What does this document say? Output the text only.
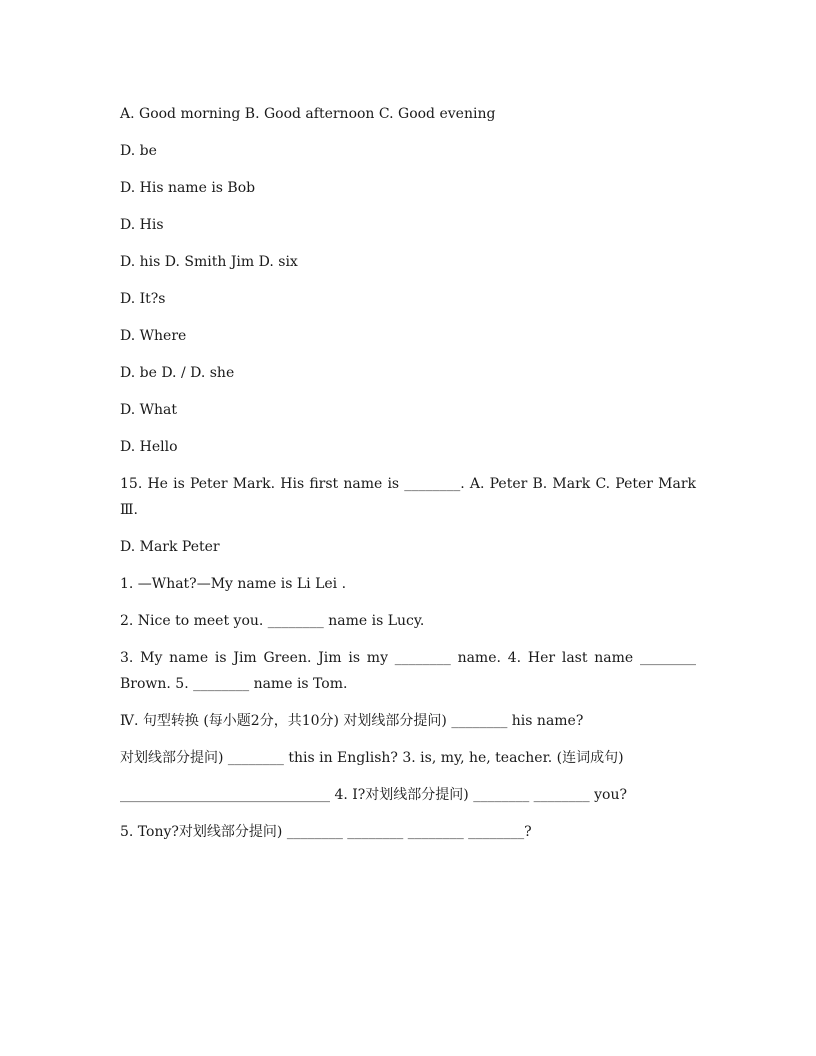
A. Good morning B. Good afternoon C. Good evening

D. be

D. His name is Bob

D. His

D. his D. Smith Jim D. six

D. It?s

D. Where

D. be D. / D. she

D. What

D. Hello

15. He is Peter Mark. His first name is ________. A. Peter B. Mark C. Peter Mark Ⅲ.

D. Mark Peter

1. —What?—My name is Li Lei .

2. Nice to meet you. ________ name is Lucy.

3. My name is Jim Green. Jim is my ________ name. 4. Her last name ________ Brown. 5. ________ name is Tom.

Ⅳ. 句型转换 (每小题2分，共10分) 对划线部分提问) ________ his name?

对划线部分提问) ________ this in English? 3. is, my, he, teacher. (连词成句)

______________________________ 4. I?对划线部分提问) ________ ________ you?

5. Tony?对划线部分提问) ________ ________ ________ ________?
